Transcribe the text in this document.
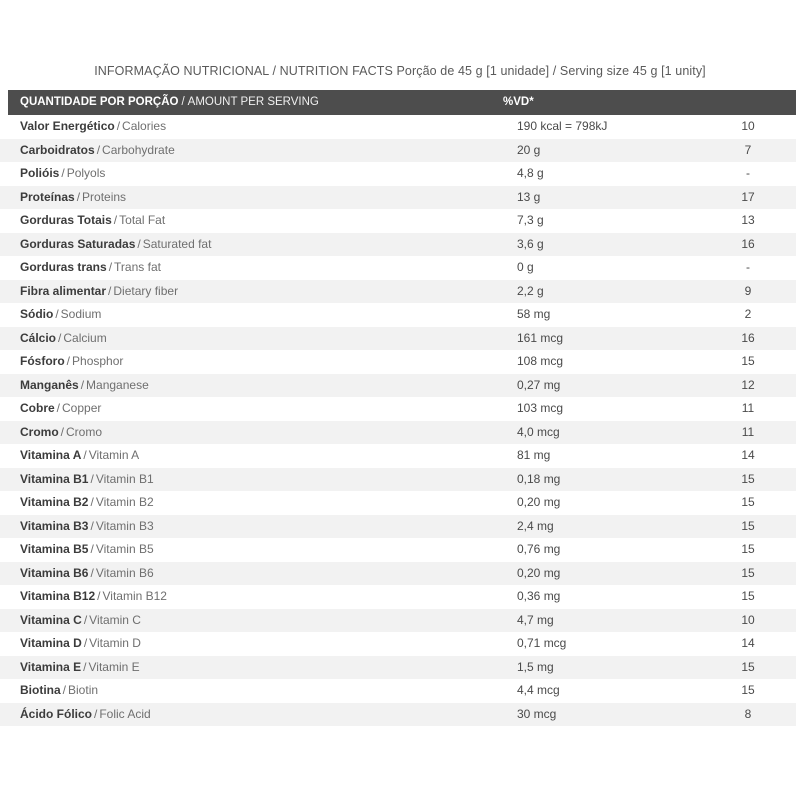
INFORMAÇÃO NUTRICIONAL / NUTRITION FACTS Porção de 45 g [1 unidade] / Serving size 45 g [1 unity]
QUANTIDADE POR PORÇÃO / AMOUNT PER SERVING	%VD*
Valor Energético / Calories	190 kcal = 798kJ	10
Carboidratos / Carbohydrate	20 g	7
Polióis / Polyols	4,8 g	-
Proteínas / Proteins	13 g	17
Gorduras Totais / Total Fat	7,3 g	13
Gorduras Saturadas / Saturated fat	3,6 g	16
Gorduras trans / Trans fat	0 g	-
Fibra alimentar / Dietary fiber	2,2 g	9
Sódio / Sodium	58 mg	2
Cálcio / Calcium	161 mcg	16
Fósforo / Phosphor	108 mcg	15
Manganês / Manganese	0,27 mg	12
Cobre / Copper	103 mcg	11
Cromo / Cromo	4,0 mcg	11
Vitamina A / Vitamin A	81 mg	14
Vitamina B1 / Vitamin B1	0,18 mg	15
Vitamina B2 / Vitamin B2	0,20 mg	15
Vitamina B3 / Vitamin B3	2,4 mg	15
Vitamina B5 / Vitamin B5	0,76 mg	15
Vitamina B6 / Vitamin B6	0,20 mg	15
Vitamina B12 / Vitamin B12	0,36 mg	15
Vitamina C / Vitamin C	4,7 mg	10
Vitamina D / Vitamin D	0,71 mcg	14
Vitamina E / Vitamin E	1,5 mg	15
Biotina / Biotin	4,4 mcg	15
Ácido Fólico / Folic Acid	30 mcg	8
